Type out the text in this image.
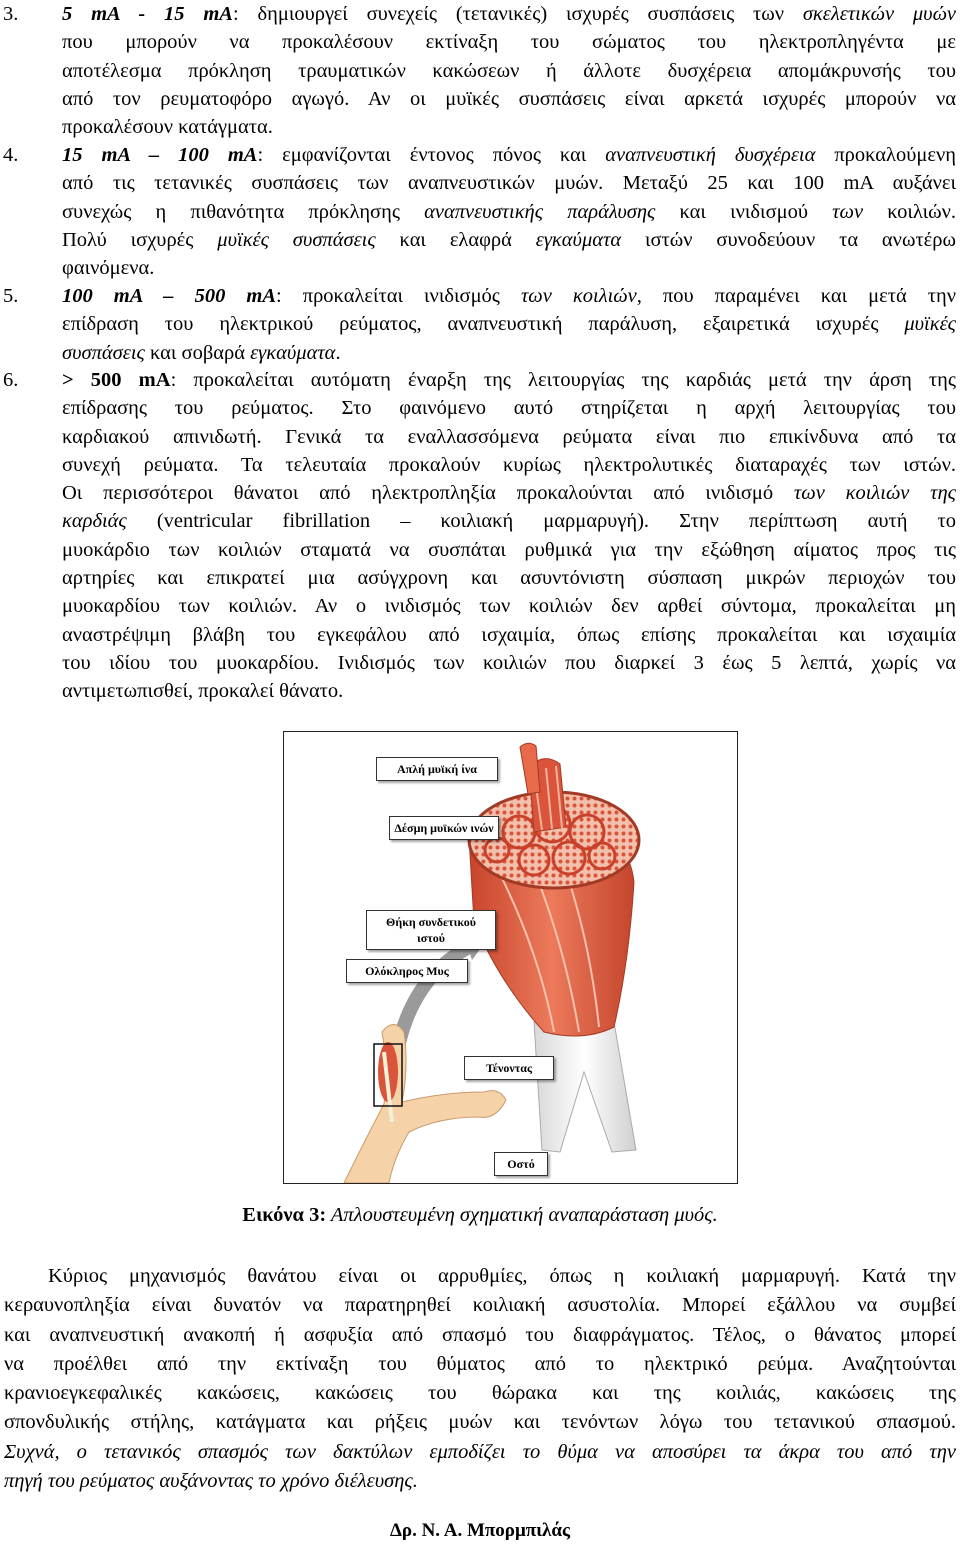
3. 5 mA - 15 mA: δημιουργεί συνεχείς (τετανικές) ισχυρές συσπάσεις των σκελετικών μυών
που μπορούν να προκαλέσουν εκτίναξη του σώματος του ηλεκτροπληγέντα με
αποτέλεσμα πρόκληση τραυματικών κακώσεων ή άλλοτε δυσχέρεια απομάκρυνσής του
από τον ρευματοφόρο αγωγό. Αν οι μυϊκές συσπάσεις είναι αρκετά ισχυρές μπορούν να
προκαλέσουν κατάγματα.
4. 15 mA – 100 mA: εμφανίζονται έντονος πόνος και αναπνευστική δυσχέρεια προκαλούμενη
από τις τετανικές συσπάσεις των αναπνευστικών μυών. Μεταξύ 25 και 100 mA αυξάνει
συνεχώς η πιθανότητα πρόκλησης αναπνευστικής παράλυσης και ινιδισμού των κοιλιών.
Πολύ ισχυρές μυϊκές συσπάσεις και ελαφρά εγκαύματα ιστών συνοδεύουν τα ανωτέρω
φαινόμενα.
5. 100 mA – 500 mA: προκαλείται ινιδισμός των κοιλιών, που παραμένει και μετά την
επίδραση του ηλεκτρικού ρεύματος, αναπνευστική παράλυση, εξαιρετικά ισχυρές μυϊκές
συσπάσεις και σοβαρά εγκαύματα.
6. > 500 mA: προκαλείται αυτόματη έναρξη της λειτουργίας της καρδιάς μετά την άρση της
επίδρασης του ρεύματος. Στο φαινόμενο αυτό στηρίζεται η αρχή λειτουργίας του
καρδιακού απινιδωτή. Γενικά τα εναλλασσόμενα ρεύματα είναι πιο επικίνδυνα από τα
συνεχή ρεύματα. Τα τελευταία προκαλούν κυρίως ηλεκτρολυτικές διαταραχές των ιστών.
Οι περισσότεροι θάνατοι από ηλεκτροπληξία προκαλούνται από ινιδισμό των κοιλιών της
καρδιάς (ventricular fibrillation – κοιλιακή μαρμαρυγή). Στην περίπτωση αυτή το
μυοκάρδιο των κοιλιών σταματά να συσπάται ρυθμικά για την εξώθηση αίματος προς τις
αρτηρίες και επικρατεί μια ασύγχρονη και ασυντόνιστη σύσπαση μικρών περιοχών του
μυοκαρδίου των κοιλιών. Αν ο ινιδισμός των κοιλιών δεν αρθεί σύντομα, προκαλείται μη
αναστρέψιμη βλάβη του εγκεφάλου από ισχαιμία, όπως επίσης προκαλείται και ισχαιμία
του ιδίου του μυοκαρδίου. Ινιδισμός των κοιλιών που διαρκεί 3 έως 5 λεπτά, χωρίς να
αντιμετωπισθεί, προκαλεί θάνατο.
Απλή μυϊκή ίνα
Δέσμη μυϊκών ινών
Θήκη συνδετικού ιστού
Ολόκληρος Μυς
Τένοντας
Οστό
Εικόνα 3: Απλουστευμένη σχηματική αναπαράσταση μυός.
Κύριος μηχανισμός θανάτου είναι οι αρρυθμίες, όπως η κοιλιακή μαρμαρυγή. Κατά την
κεραυνοπληξία είναι δυνατόν να παρατηρηθεί κοιλιακή ασυστολία. Μπορεί εξάλλου να συμβεί
και αναπνευστική ανακοπή ή ασφυξία από σπασμό του διαφράγματος. Τέλος, ο θάνατος μπορεί
να προέλθει από την εκτίναξη του θύματος από το ηλεκτρικό ρεύμα. Αναζητούνται
κρανιοεγκεφαλικές κακώσεις, κακώσεις του θώρακα και της κοιλιάς, κακώσεις της
σπονδυλικής στήλης, κατάγματα και ρήξεις μυών και τενόντων λόγω του τετανικού σπασμού.
Συχνά, ο τετανικός σπασμός των δακτύλων εμποδίζει το θύμα να αποσύρει τα άκρα του από την
πηγή του ρεύματος αυξάνοντας το χρόνο διέλευσης.
Δρ. Ν. Α. Μπορμπιλάς
